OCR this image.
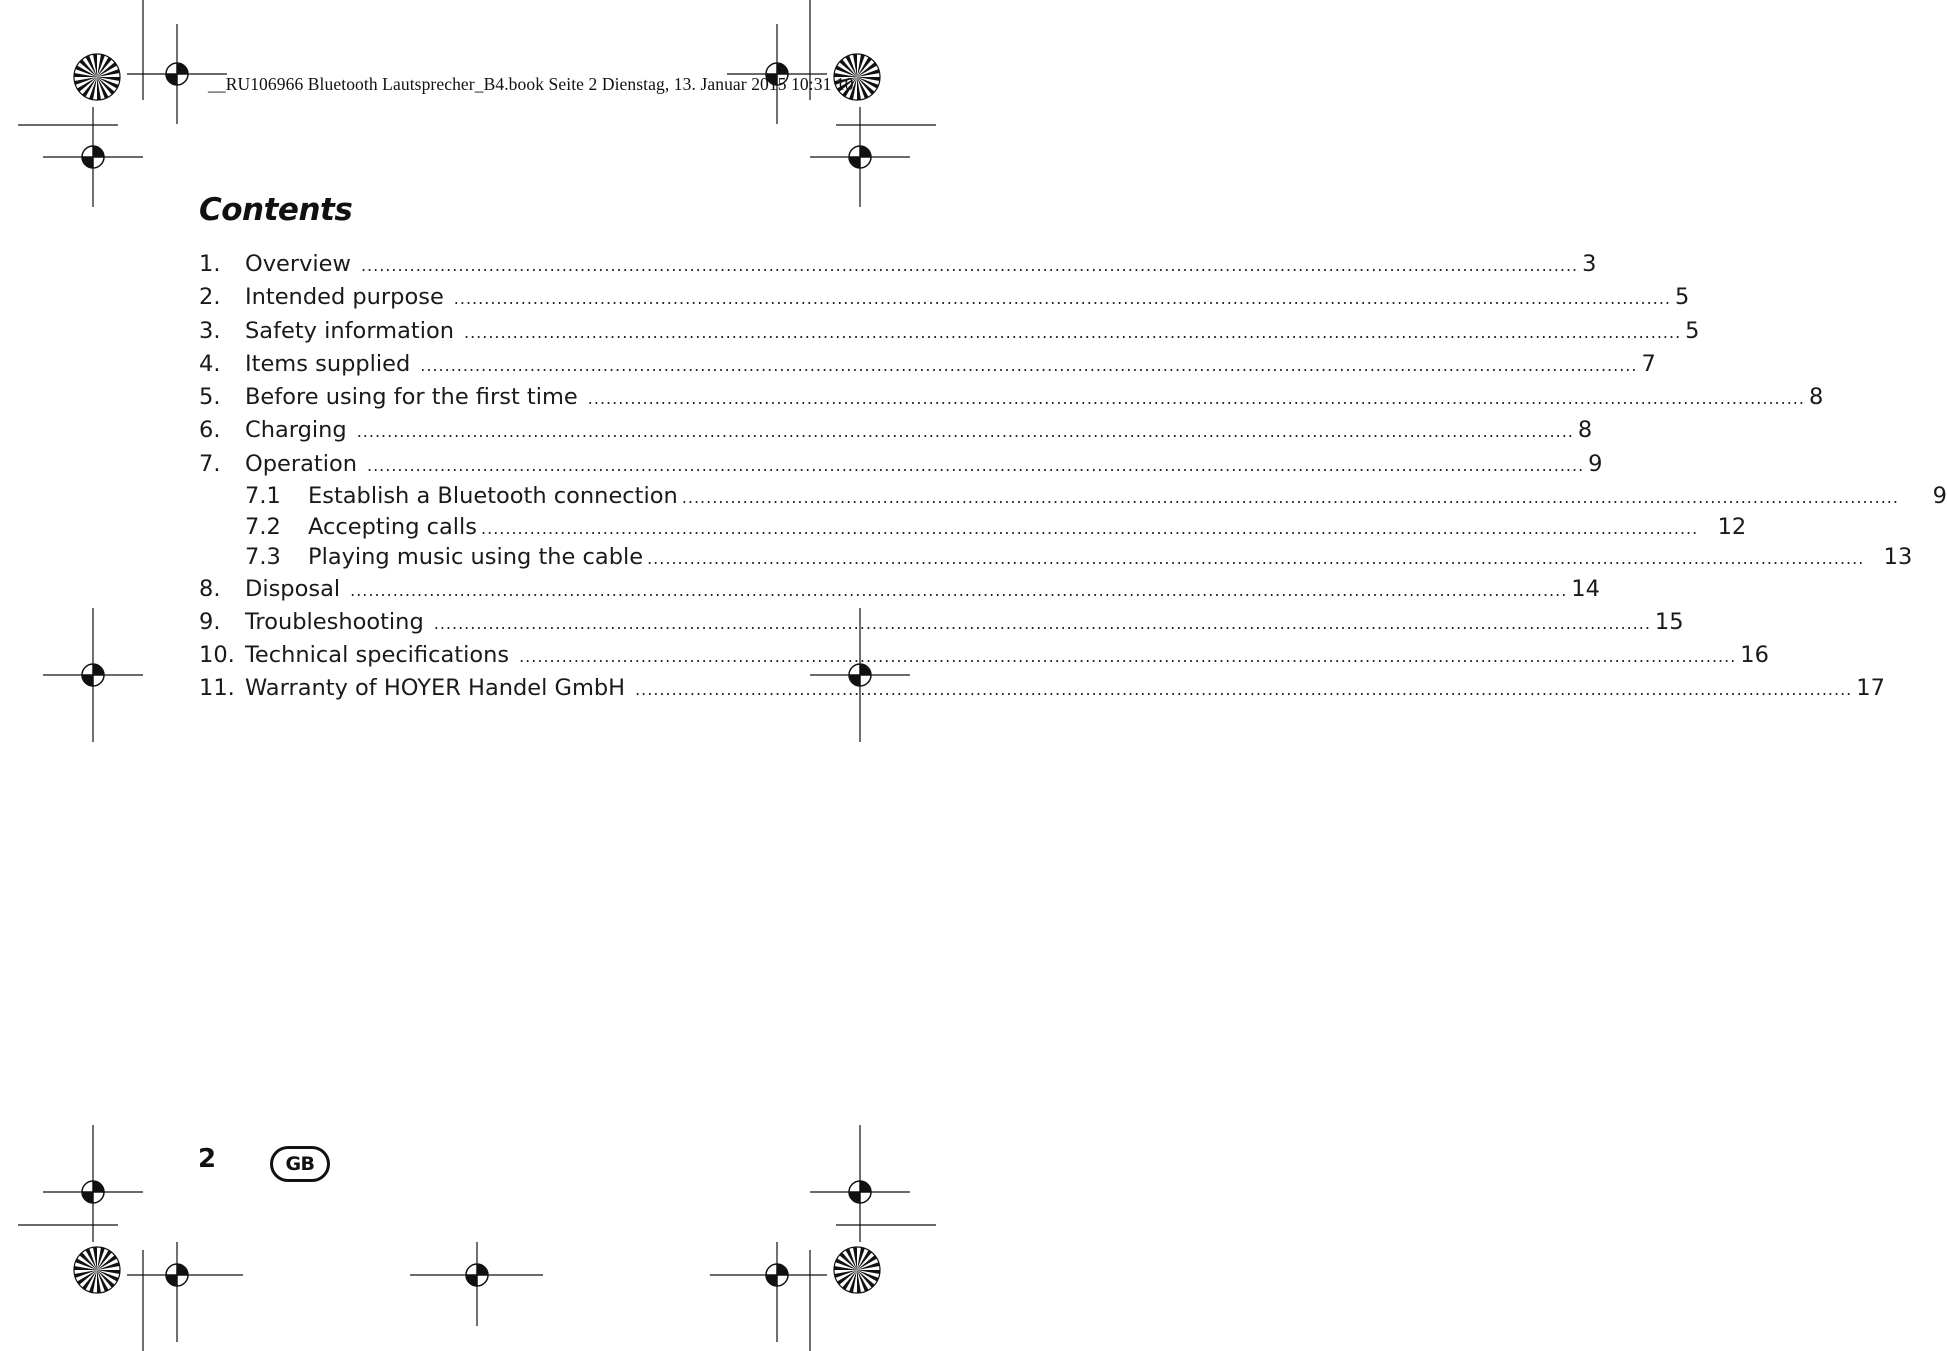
__RU106966 Bluetooth Lautsprecher_B4.book Seite 2 Dienstag, 13. Januar 2015 10:31 10
Contents
1.	Overview ........................................................................................................................................................................................................ 3
2.	Intended purpose ........................................................................................................................................................................................................ 5
3.	Safety information ........................................................................................................................................................................................................ 5
4.	Items supplied ........................................................................................................................................................................................................ 7
5.	Before using for the first time ........................................................................................................................................................................................................ 8
6.	Charging ........................................................................................................................................................................................................ 8
7.	Operation ........................................................................................................................................................................................................ 9
7.1	Establish a Bluetooth connection ........................................................................................................................................................................................................	9
7.2	Accepting calls ........................................................................................................................................................................................................ 12
7.3	Playing music using the cable ........................................................................................................................................................................................................ 13
8.	Disposal ........................................................................................................................................................................................................ 14
9.	Troubleshooting ........................................................................................................................................................................................................ 15
10. Technical specifications ........................................................................................................................................................................................................ 16
11. Warranty of HOYER Handel GmbH ........................................................................................................................................................................................................ 17
2	GB
